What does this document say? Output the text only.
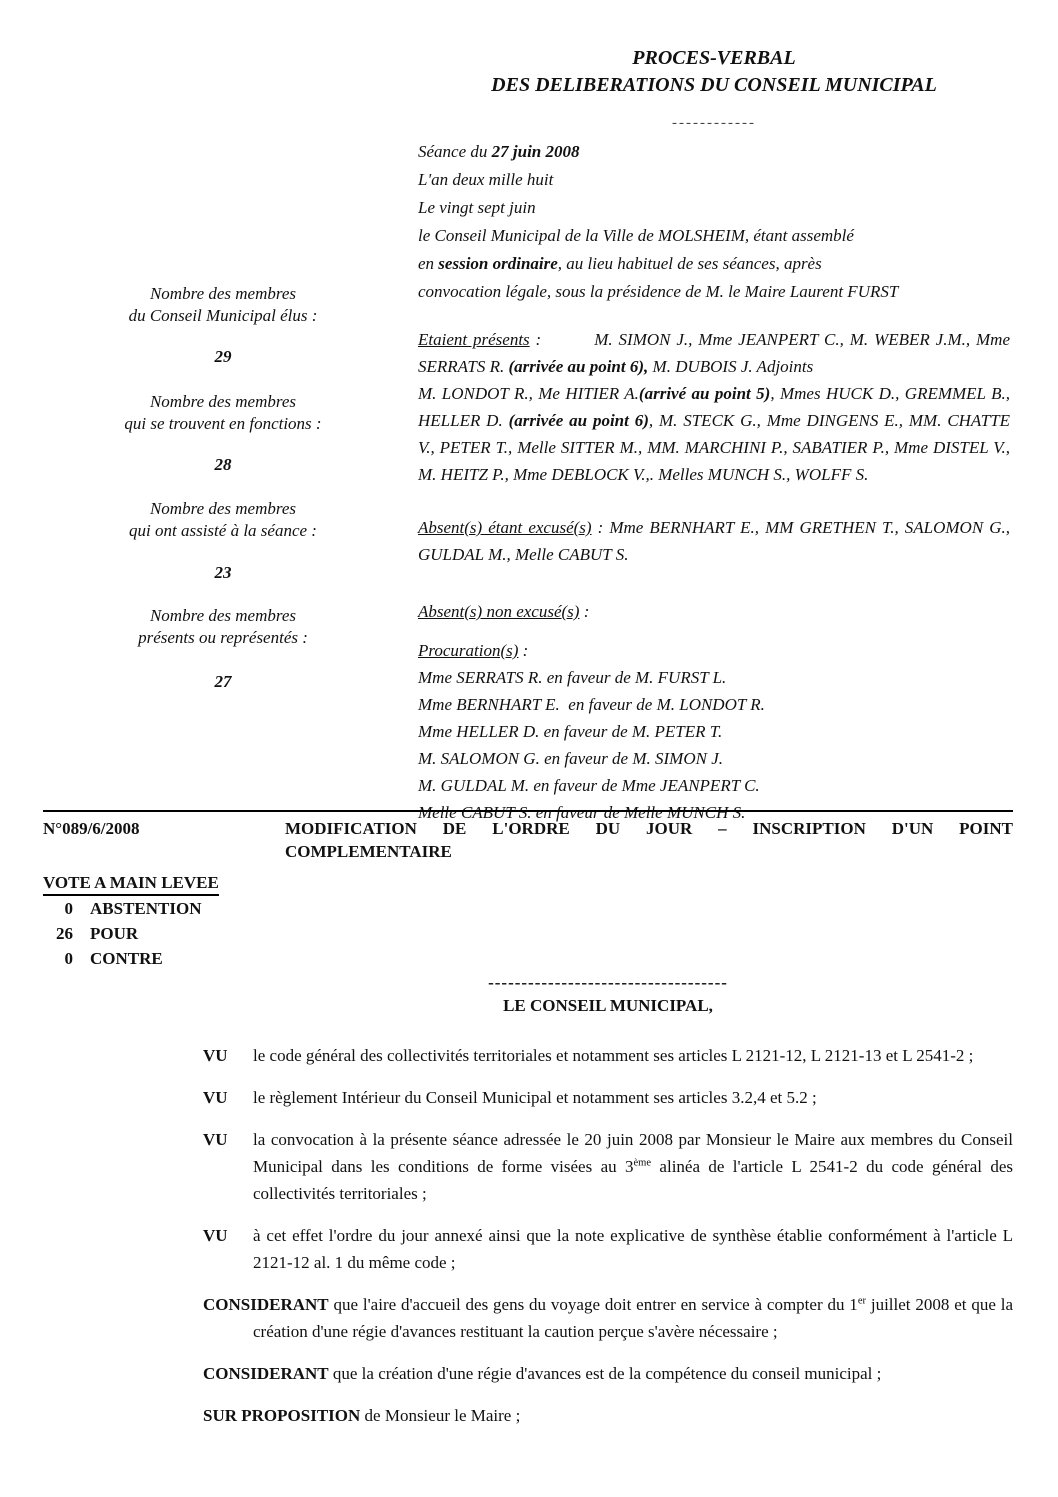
PROCES-VERBAL
DES DELIBERATIONS DU CONSEIL MUNICIPAL
------------
Nombre des membres
du Conseil Municipal élus :
29
Nombre des membres
qui se trouvent en fonctions :
28
Nombre des membres
qui ont assisté à la séance :
23
Nombre des membres
présents ou représentés :
27
Séance du 27 juin 2008
L'an deux mille huit
Le vingt sept juin
le Conseil Municipal de la Ville de MOLSHEIM, étant assemblé
en session ordinaire, au lieu habituel de ses séances, après
convocation légale, sous la présidence de M. le Maire Laurent FURST

Etaient présents :         M. SIMON J., Mme JEANPERT C., M. WEBER J.M., Mme SERRATS R. (arrivée au point 6), M. DUBOIS J. Adjoints

M. LONDOT R., Me HITIER A.(arrivé au point 5), Mmes HUCK D., GREMMEL B., HELLER D. (arrivée au point 6), M. STECK G., Mme DINGENS E., MM. CHATTE V., PETER T., Melle SITTER M., MM. MARCHINI P., SABATIER P., Mme DISTEL V., M. HEITZ P., Mme DEBLOCK V.,. Melles MUNCH S., WOLFF S.

Absent(s) étant excusé(s) : Mme BERNHART E., MM GRETHEN T., SALOMON G., GULDAL M., Melle CABUT S.

Absent(s) non excusé(s) :

Procuration(s) :
Mme SERRATS R. en faveur de M. FURST L.
Mme BERNHART E.  en faveur de M. LONDOT R.
Mme HELLER D. en faveur de M. PETER T.
M. SALOMON G. en faveur de M. SIMON J.
M. GULDAL M. en faveur de Mme JEANPERT C.
Melle CABUT S. en faveur de Melle MUNCH S.
N°089/6/2008	MODIFICATION DE L'ORDRE DU JOUR – INSCRIPTION D'UN POINT
COMPLEMENTAIRE
VOTE A MAIN LEVEE
0 ABSTENTION
26 POUR
0 CONTRE
------------------------------------
LE CONSEIL MUNICIPAL,

VU le code général des collectivités territoriales et notamment ses articles L 2121-12, L 2121-13 et L 2541-2 ;

VU le règlement Intérieur du Conseil Municipal et notamment ses articles 3.2,4 et 5.2 ;

VU la convocation à la présente séance adressée le 20 juin 2008 par Monsieur le Maire aux membres du Conseil Municipal dans les conditions de forme visées au 3ème alinéa de l'article L 2541-2 du code général des collectivités territoriales ;

VU à cet effet l'ordre du jour annexé ainsi que la note explicative de synthèse établie conformément à l'article L 2121-12 al. 1 du même code ;

CONSIDERANT que l'aire d'accueil des gens du voyage doit entrer en service à compter du 1er juillet 2008 et que la création d'une régie d'avances restituant la caution perçue s'avère nécessaire ;

CONSIDERANT que la création d'une régie d'avances est de la compétence du conseil municipal ;

SUR PROPOSITION de Monsieur le Maire ;
